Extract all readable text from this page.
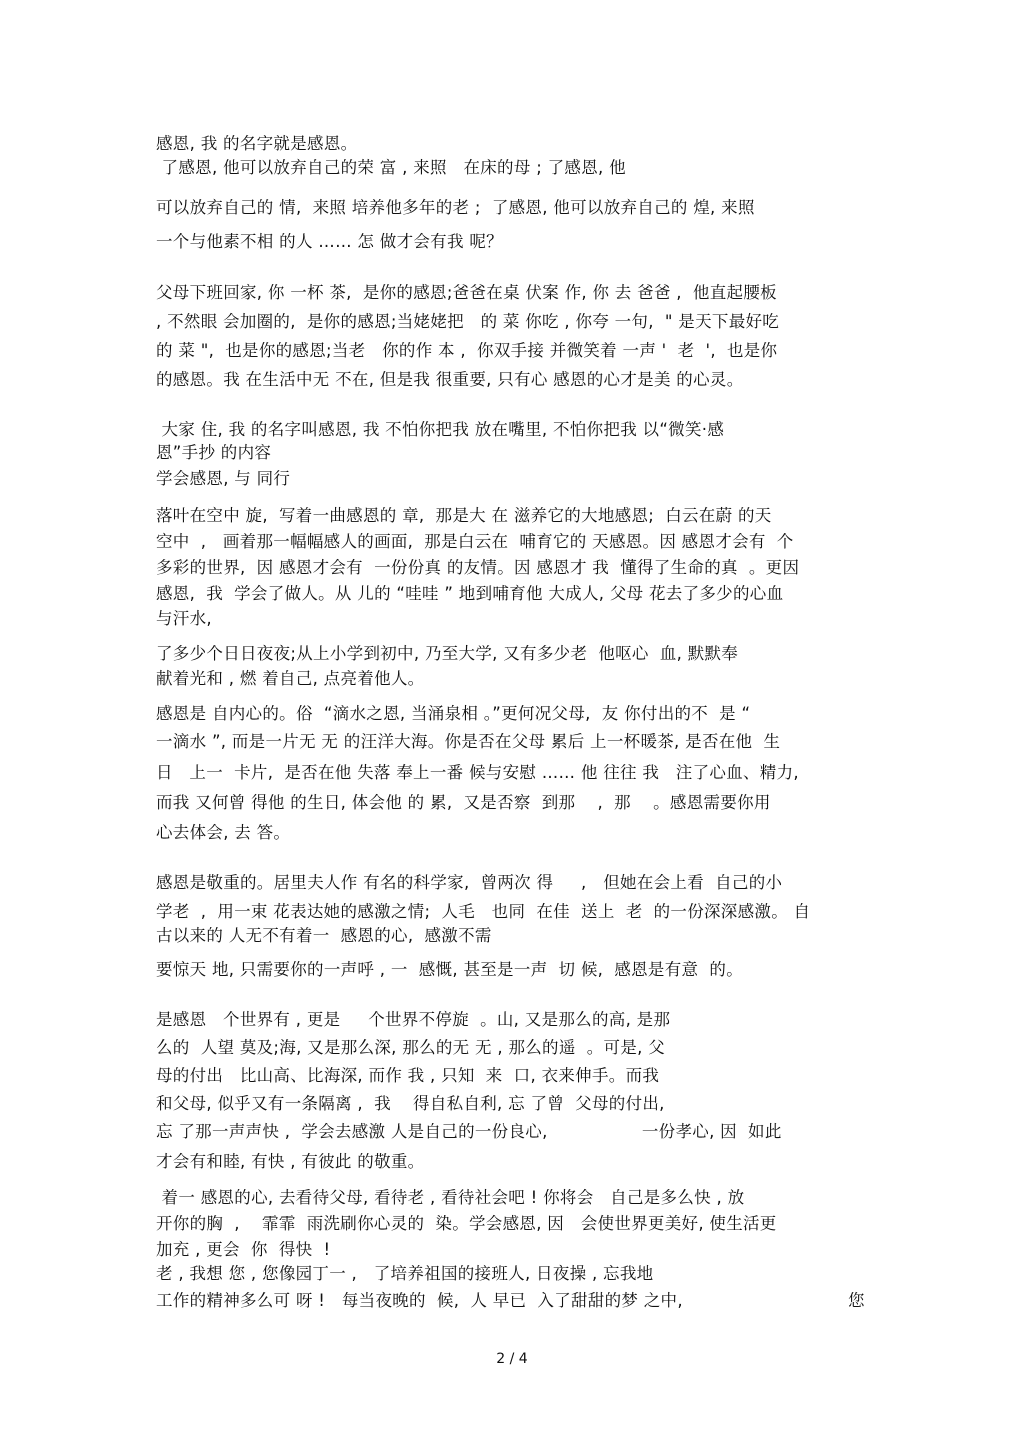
感恩, 我 的名字就是感恩。
了感恩, 他可以放弃自己的荣 富 , 来照   在床的母 ; 了感恩, 他
可以放弃自己的 情,  来照 培养他多年的老 ;  了感恩, 他可以放弃自己的 煌, 来照
一个与他素不相 的人 …… 怎 做才会有我 呢？
父母下班回家, 你 一杯 茶,  是你的感恩;爸爸在桌 伏案 作, 你 去 爸爸 ,  他直起腰板
, 不然眼 会加圈的,  是你的感恩;当姥姥把   的 菜 你吃 , 你夸 一句,  " 是天下最好吃
的 菜 ",  也是你的感恩;当老   你的作 本 ,  你双手接 并微笑着 一声 '  老  ',  也是你
的感恩。我 在生活中无 不在, 但是我 很重要, 只有心 感恩的心才是美 的心灵。
大家 住, 我 的名字叫感恩, 我 不怕你把我 放在嘴里, 不怕你把我 以“微笑·感
恩”手抄 的内容
学会感恩, 与 同行
落叶在空中 旋,  写着一曲感恩的 章,  那是大 在 滋养它的大地感恩;  白云在蔚 的天
空中  ,   画着那一幅幅感人的画面,  那是白云在  哺育它的 天感恩。因 感恩才会有  个
多彩的世界,  因 感恩才会有  一份份真 的友情。因 感恩才 我  懂得了生命的真  。更因
感恩,  我  学会了做人。从 儿的 “哇哇 ” 地到哺育他 大成人, 父母 花去了多少的心血
与汗水,
了多少个日日夜夜;从上小学到初中, 乃至大学, 又有多少老  他呕心  血, 默默奉
献着光和 , 燃 着自己, 点亮着他人。
感恩是 自内心的。俗  “滴水之恩, 当涌泉相 。”更何况父母,  友 你付出的不  是 “
一滴水 ”, 而是一片无 无 的汪洋大海。你是否在父母 累后 上一杯暖茶, 是否在他  生
日   上一  卡片,  是否在他 失落 奉上一番 候与安慰 …… 他 往往 我   注了心血、精力,
而我 又何曾 得他 的生日, 体会他 的 累,  又是否察  到那    ,  那    。感恩需要你用
心去体会, 去 答。
感恩是敬重的。居里夫人作 有名的科学家,  曾两次 得     ,   但她在会上看  自己的小
学老  ,  用一束 花表达她的感激之情;  人毛   也同  在佳  送上  老  的一份深深感激。 自
古以来的 人无不有着一  感恩的心,  感激不需
要惊天 地, 只需要你的一声呼 , 一  感慨, 甚至是一声  切 候,  感恩是有意  的。
是感恩   个世界有 , 更是     个世界不停旋  。山, 又是那么的高, 是那
么的  人望 莫及;海, 又是那么深, 那么的无 无 , 那么的遥  。可是, 父
母的付出   比山高、比海深, 而作 我 , 只知  来  口, 衣来伸手。而我
和父母, 似乎又有一条隔离 ,  我    得自私自利, 忘 了曾  父母的付出,
忘 了那一声声快 ,  学会去感激 人是自己的一份良心,                 一份孝心, 因  如此
才会有和睦, 有快 , 有彼此 的敬重。
着一 感恩的心, 去看待父母, 看待老 , 看待社会吧 ! 你将会   自己是多么快 , 放
开你的胸  ,    霏霏  雨洗刷你心灵的  染。学会感恩, 因   会使世界更美好, 使生活更
加充 , 更会  你  得快  !
老 , 我想 您 , 您像园丁一 ,   了培养祖国的接班人, 日夜操 , 忘我地
工作的精神多么可 呀 !   每当夜晚的  候,  人 早已  入了甜甜的梦 之中,	您
2 / 4
